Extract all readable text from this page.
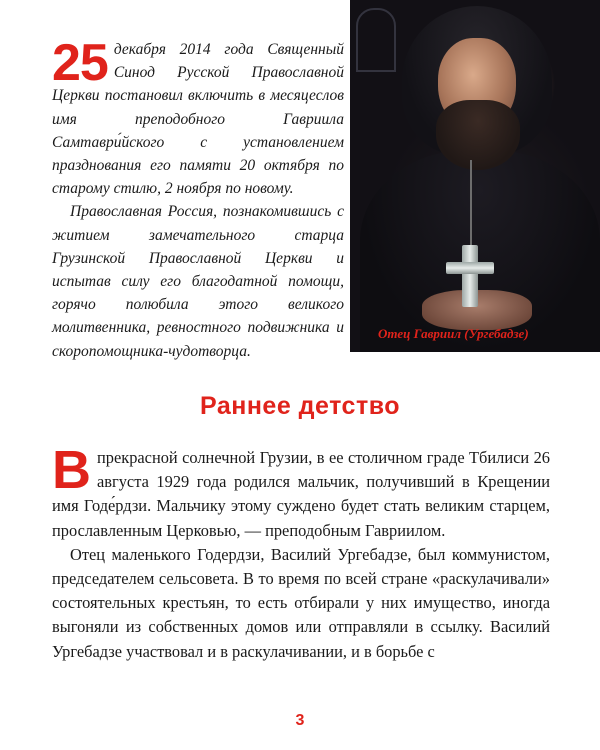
25 декабря 2014 года Священный Синод Русской Православной Церкви постановил включить в месяцеслов имя преподобного Гавриила Самтаври́йского с установлением празднования его памяти 20 октября по старому стилю, 2 ноября по новому.

Православная Россия, познакомившись с житием замечательного старца Грузинской Православной Церкви и испытав силу его благодатной помощи, горячо полюбила этого великого молитвенника, ревностного подвижника и скоропомощника-чудотворца.

Отец Гавриил (Ургебадзе)
Раннее детство
В прекрасной солнечной Грузии, в ее столичном граде Тбилиси 26 августа 1929 года родился мальчик, получивший в Крещении имя Годе́рдзи. Мальчику этому суждено будет стать великим старцем, прославленным Церковью, — преподобным Гавриилом.

Отец маленького Годердзи, Василий Ургебадзе, был коммунистом, председателем сельсовета. В то время по всей стране «раскулачивали» состоятельных крестьян, то есть отбирали у них имущество, иногда выгоняли из собственных домов или отправляли в ссылку. Василий Ургебадзе участвовал и в раскулачивании, и в борьбе с

3
